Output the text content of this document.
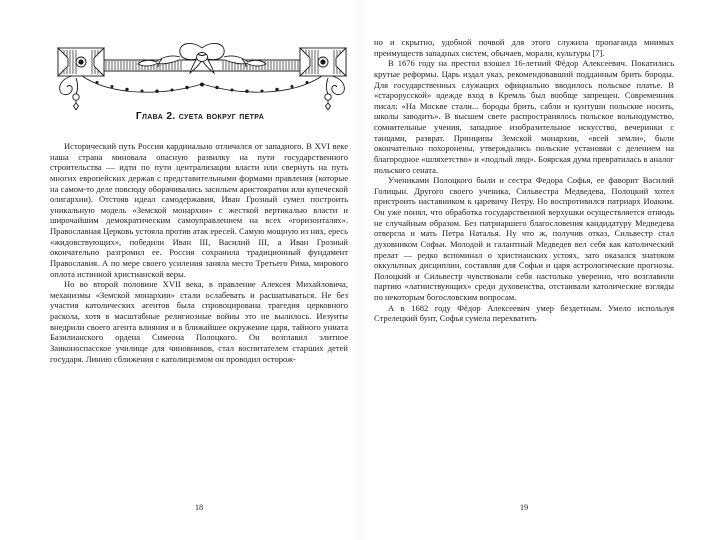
Глава 2. суета вокруг петра

Исторический путь России кардинально отличался от западного. В XVI веке наша страна миновала опасную развилку на пути государственного строительства — идти по пути централизации власти или свернуть на путь многих европейских держав с представительными формами правления (которые на самом-то деле повсюду оборачивались засильем аристократии или купеческой олигархии). Отстояв идеал самодержавия, Иван Грозный сумел построить уникальную модель «Земской монархии» с жесткой вертикалью власти и широчайшим демократическим самоуправлением на всех «горизонталях». Православная Церковь устояла против атак ересей. Самую мощную из них, ересь «жидовствующих», победили Иван III, Василий III, а Иван Грозный окончательно разгромил ее. Россия сохранила традиционный фундамент Православия. А по мере своего усиления заняла место Третьего Рима, мирового оплота истинной христианской веры.

Но во второй половине XVII века, в правление Алексея Михайловича, механизмы «Земской монархии» стали ослабевать и расшатываться. Не без участия католических агентов была спровоцирована трагедия церковного раскола, хотя в масштабные религиозные войны это не вылилось. Иезуиты внедрили своего агента влияния и в ближайшее окружение царя, тайного униата Базилианского ордена Симеона Полоцкого. Он возглавил элитное Заиконоспасское училище для чиновников, стал воспитателем старших детей государя. Линию сближения с католицизмом он проводил осторож-

18

но и скрытно, удобной почвой для этого служила пропаганда мнимых преимуществ западных систем, обычаев, морали, культуры [7].

В 1676 году на престол взошел 16-летний Фёдор Алексеевич. Покатились крутые реформы. Царь издал указ, рекомендовавший подданным брить бороды. Для государственных служащих официально вводилось польское платье. В «старорусской» одежде вход в Кремль был вообще запрещен. Современник писал: «На Москве стали... бороды брить, сабли и кунтуши польские носить, школы заводить». В высшем свете распространялось польское вольнодумство, сомнительные учения, западное изобразительное искусство, вечеринки с танцами, разврат. Принципы Земской монархии, «всей земли», были окончательно похоронены, утверждались польские установки с делением на благородное «шляхетство» и «подлый люд». Боярская дума превратилась в аналог польского сената.

Учениками Полоцкого были и сестра Федора Софья, ее фаворит Василий Голицын. Другого своего ученика, Сильвестра Медведева, Полоцкий хотел пристроить наставником к царевичу Петру. Но воспротивился патриарх Иоаким. Он уже понял, что обработка государственной верхушки осуществляется отнюдь не случайным образом. Без патриаршего благословения кандидатуру Медведева отвергла и мать Петра Наталья. Ну что ж, получив отказ, Сильвестр стал духовником Софьи. Молодой и галантный Медведев вел себя как католический прелат — редко вспоминал о христианских устоях, зато оказался знатоком оккультных дисциплин, составляя для Софьи и царя астрологические прогнозы. Полоцкий и Сильвестр чувствовали себя настолько уверенно, что возглавили партию «латинствующих» среди духовенства, отстаивали католические взгляды по некоторым богословским вопросам.

А в 1682 году Фёдор Алексеевич умер бездетным. Умело используя Стрелецкий бунт, Софья сумела перехватить

19
